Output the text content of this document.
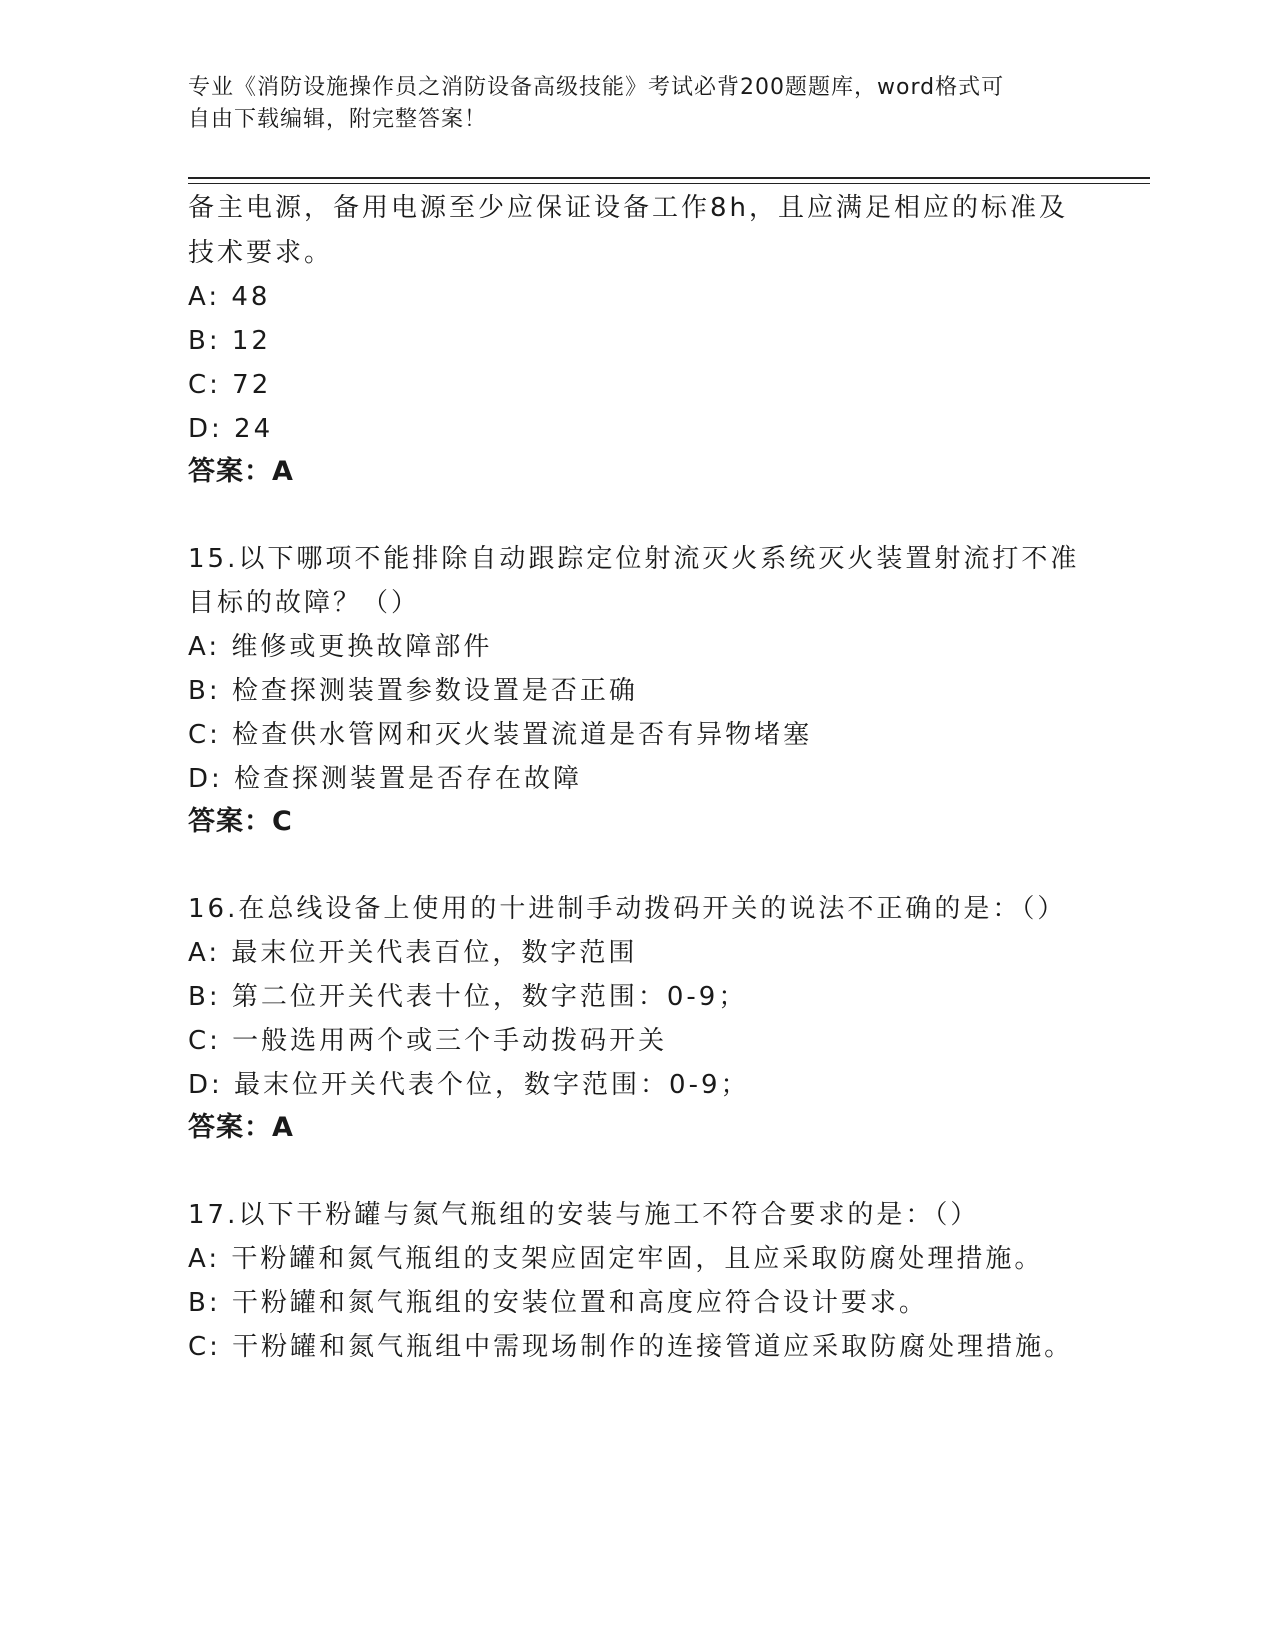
专业《消防设施操作员之消防设备高级技能》考试必背200题题库，word格式可
自由下载编辑，附完整答案！
备主电源，备用电源至少应保证设备工作8h，且应满足相应的标准及
技术要求。
A: 48
B: 12
C: 72
D: 24
答案：A
15.以下哪项不能排除自动跟踪定位射流灭火系统灭火装置射流打不准
目标的故障？（）
A: 维修或更换故障部件
B: 检查探测装置参数设置是否正确
C: 检查供水管网和灭火装置流道是否有异物堵塞
D: 检查探测装置是否存在故障
答案：C
16.在总线设备上使用的十进制手动拨码开关的说法不正确的是：（）
A: 最末位开关代表百位，数字范围
B: 第二位开关代表十位，数字范围：0-9；
C: 一般选用两个或三个手动拨码开关
D: 最末位开关代表个位，数字范围：0-9；
答案：A
17.以下干粉罐与氮气瓶组的安装与施工不符合要求的是：（）
A: 干粉罐和氮气瓶组的支架应固定牢固，且应采取防腐处理措施。
B: 干粉罐和氮气瓶组的安装位置和高度应符合设计要求。
C: 干粉罐和氮气瓶组中需现场制作的连接管道应采取防腐处理措施。
